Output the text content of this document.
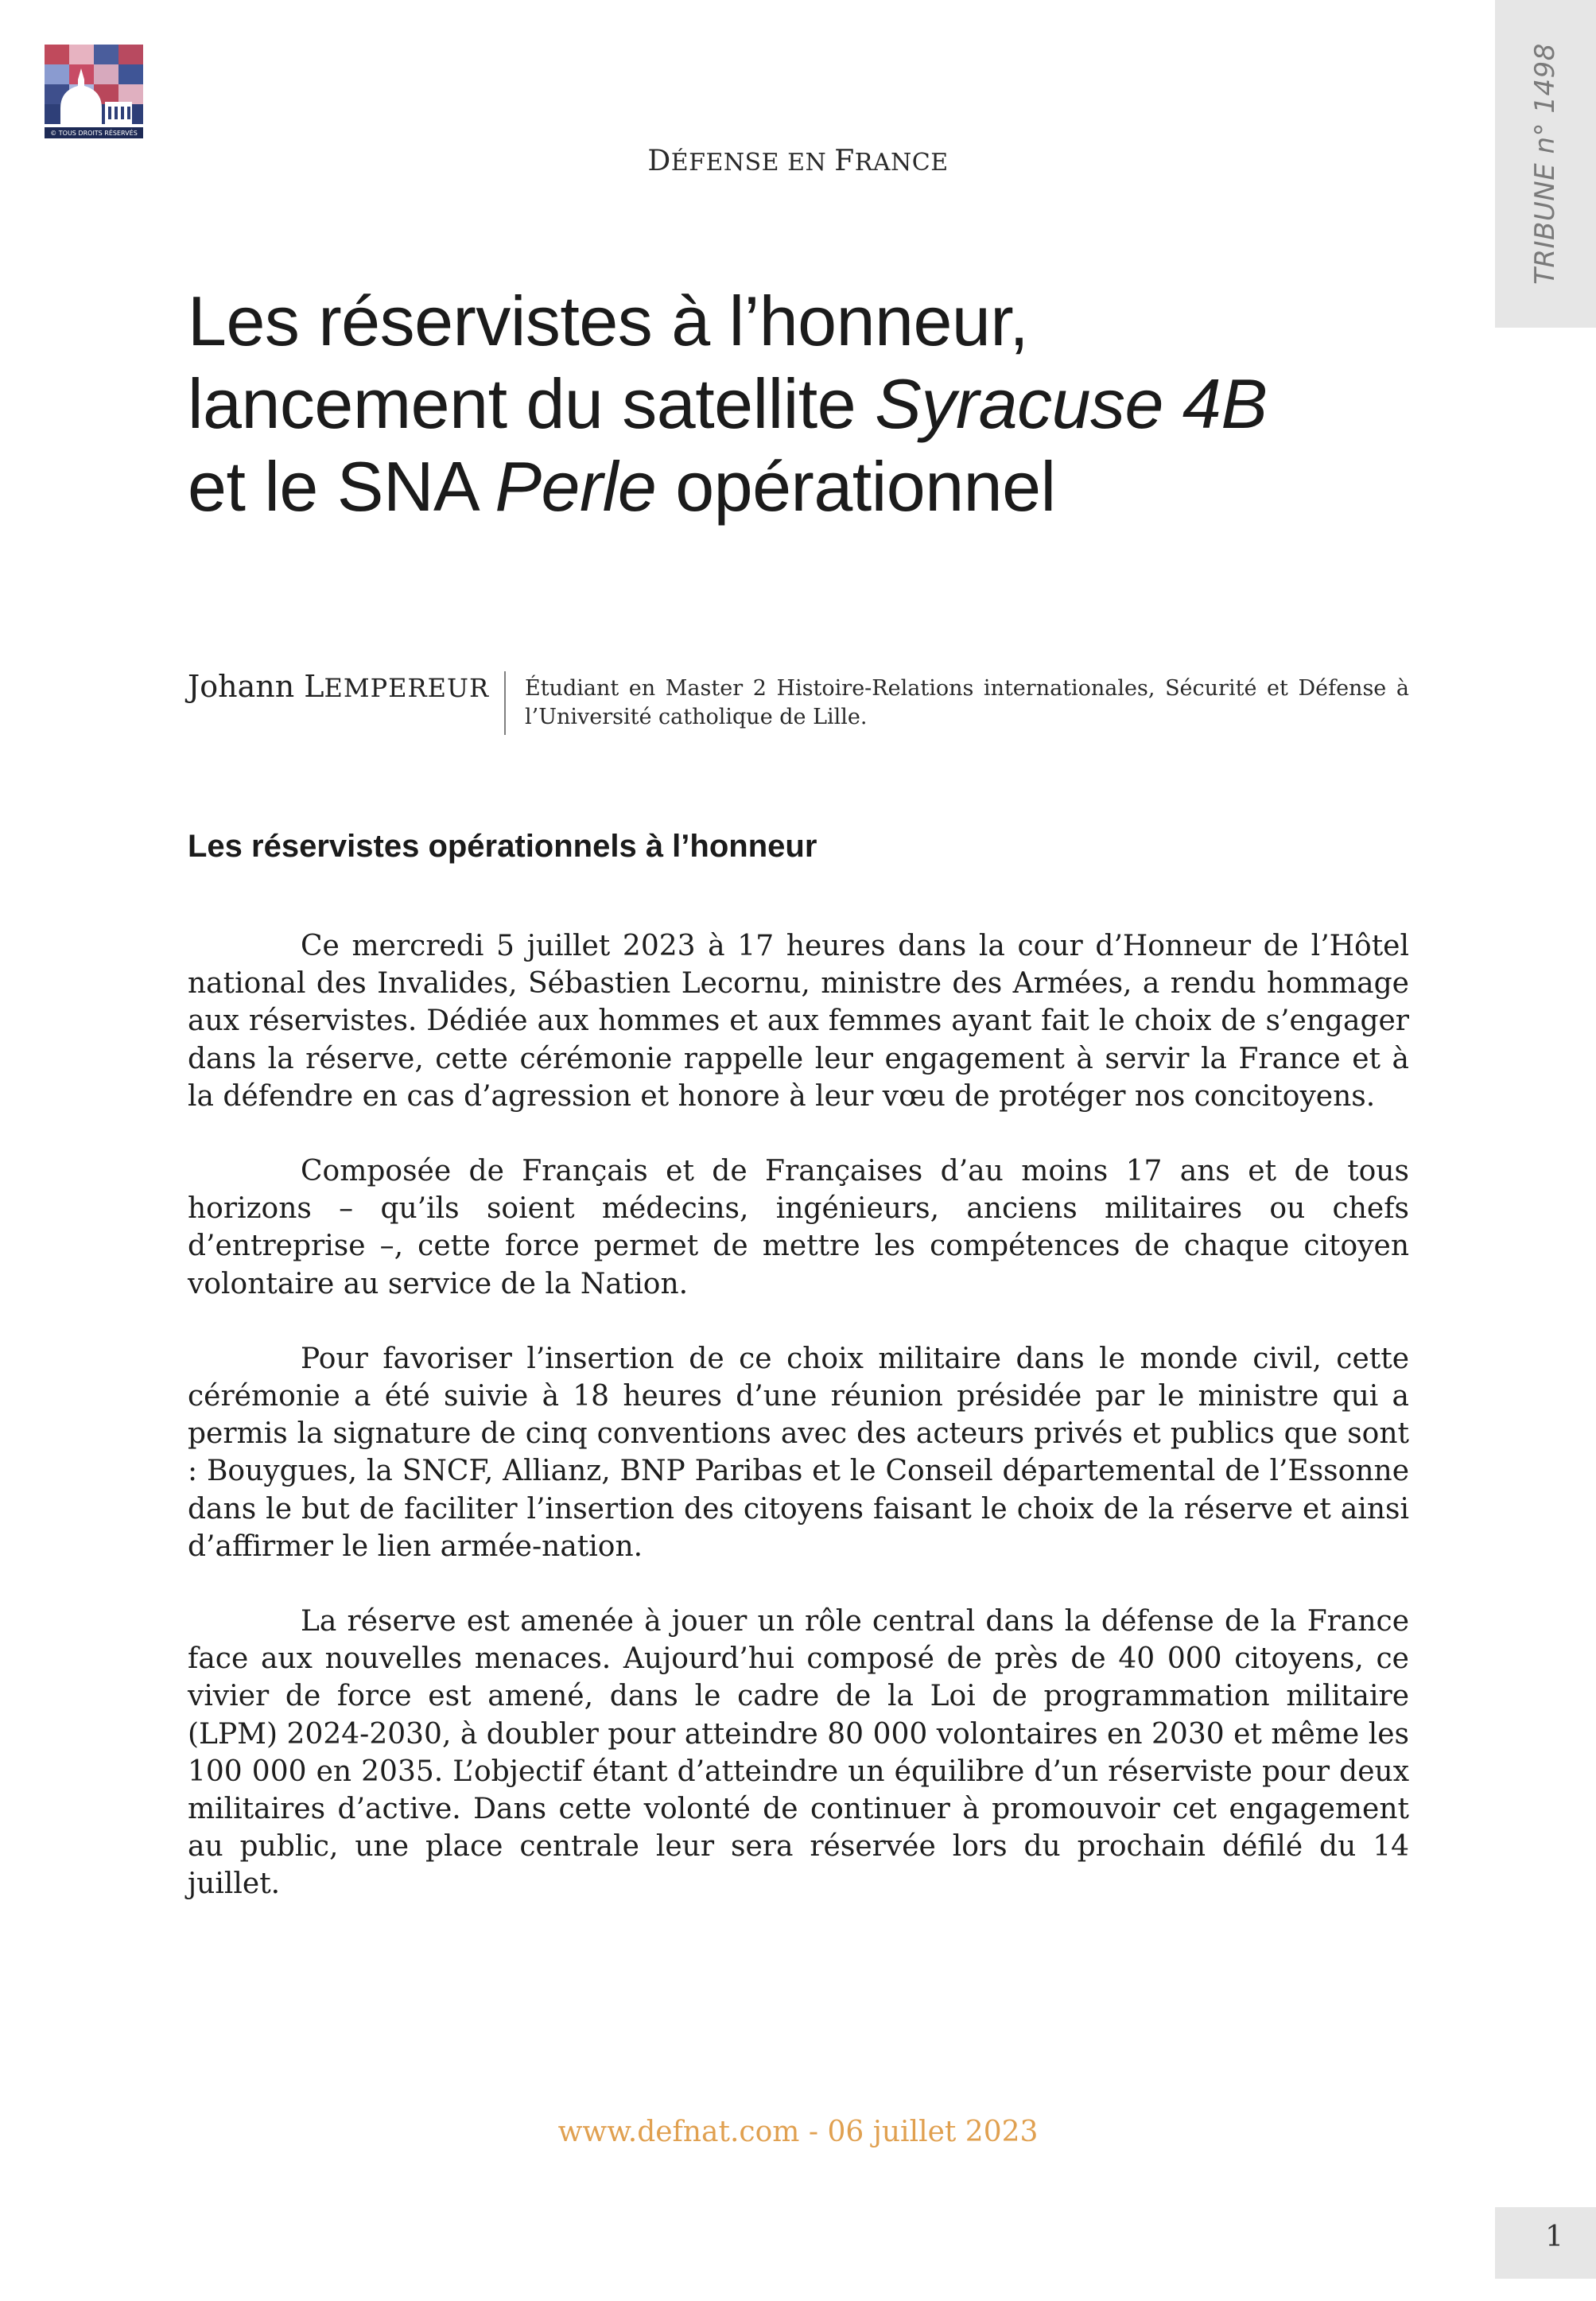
© TOUS DROITS RÉSERVÉS	TRIBUNE n° 1498
DÉFENSE EN FRANCE
Les réservistes à l’honneur,
lancement du satellite Syracuse 4B
et le SNA Perle opérationnel
Johann LEMPEREUR Étudiant en Master 2 Histoire-Relations internationales, Sécurité et Défense à l’Université catholique de Lille.
Les réservistes opérationnels à l’honneur

Ce mercredi 5 juillet 2023 à 17 heures dans la cour d’Honneur de l’Hôtel national des Invalides, Sébastien Lecornu, ministre des Armées, a rendu hommage aux réservistes. Dédiée aux hommes et aux femmes ayant fait le choix de s’engager dans la réserve, cette cérémonie rappelle leur engagement à servir la France et à la défendre en cas d’agression et honore à leur vœu de protéger nos concitoyens.

Composée de Français et de Françaises d’au moins 17 ans et de tous horizons – qu’ils soient médecins, ingénieurs, anciens militaires ou chefs d’entreprise –, cette force permet de mettre les compétences de chaque citoyen volontaire au service de la Nation.

Pour favoriser l’insertion de ce choix militaire dans le monde civil, cette cérémonie a été suivie à 18 heures d’une réunion présidée par le ministre qui a permis la signature de cinq conventions avec des acteurs privés et publics que sont : Bouygues, la SNCF, Allianz, BNP Paribas et le Conseil départemental de l’Essonne dans le but de faciliter l’insertion des citoyens faisant le choix de la réserve et ainsi d’affirmer le lien armée-nation.

La réserve est amenée à jouer un rôle central dans la défense de la France face aux nouvelles menaces. Aujourd’hui composé de près de 40 000 citoyens, ce vivier de force est amené, dans le cadre de la Loi de programmation militaire (LPM) 2024-2030, à doubler pour atteindre 80 000 volontaires en 2030 et même les 100 000 en 2035. L’objectif étant d’atteindre un équilibre d’un réserviste pour deux militaires d’active. Dans cette volonté de continuer à promouvoir cet engagement au public, une place centrale leur sera réservée lors du prochain défilé du 14 juillet.

www.defnat.com - 06 juillet 2023
1
